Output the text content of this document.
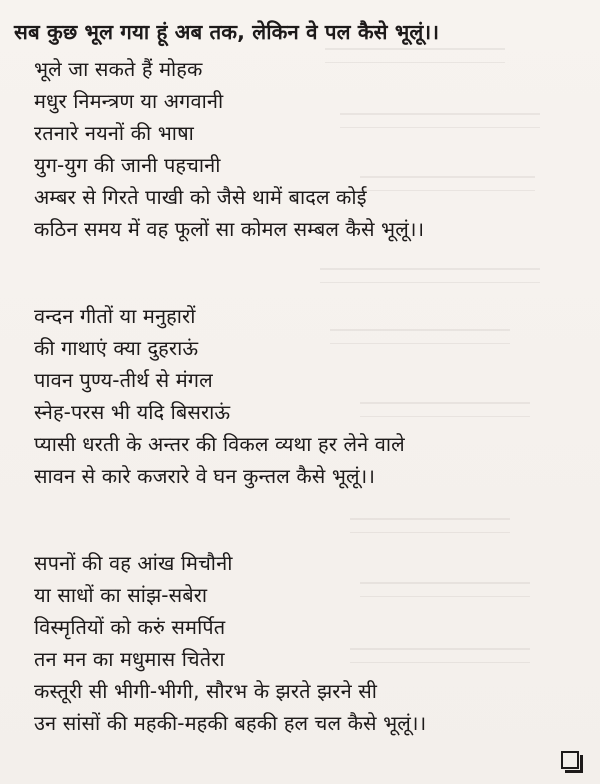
सब कुछ भूल गया हूं अब तक, लेकिन वे पल कैसे भूलूं।।
भूले जा सकते हैं मोहक
मधुर निमन्त्रण या अगवानी
रतनारे नयनों की भाषा
युग-युग की जानी पहचानी
अम्बर से गिरते पाखी को जैसे थामें बादल कोई
कठिन समय में वह फूलों सा कोमल सम्बल कैसे भूलूं।।
वन्दन गीतों या मनुहारों
की गाथाएं क्या दुहराऊं
पावन पुण्य-तीर्थ से मंगल
स्नेह-परस भी यदि बिसराऊं
प्यासी धरती के अन्तर की विकल व्यथा हर लेने वाले
सावन से कारे कजरारे वे घन कुन्तल कैसे भूलूं।।
सपनों की वह आंख मिचौनी
या साधों का सांझ-सबेरा
विस्मृतियों को करुं समर्पित
तन मन का मधुमास चितेरा
कस्तूरी सी भीगी-भीगी, सौरभ के झरते झरने सी
उन सांसों की महकी-महकी बहकी हल चल कैसे भूलूं।।
